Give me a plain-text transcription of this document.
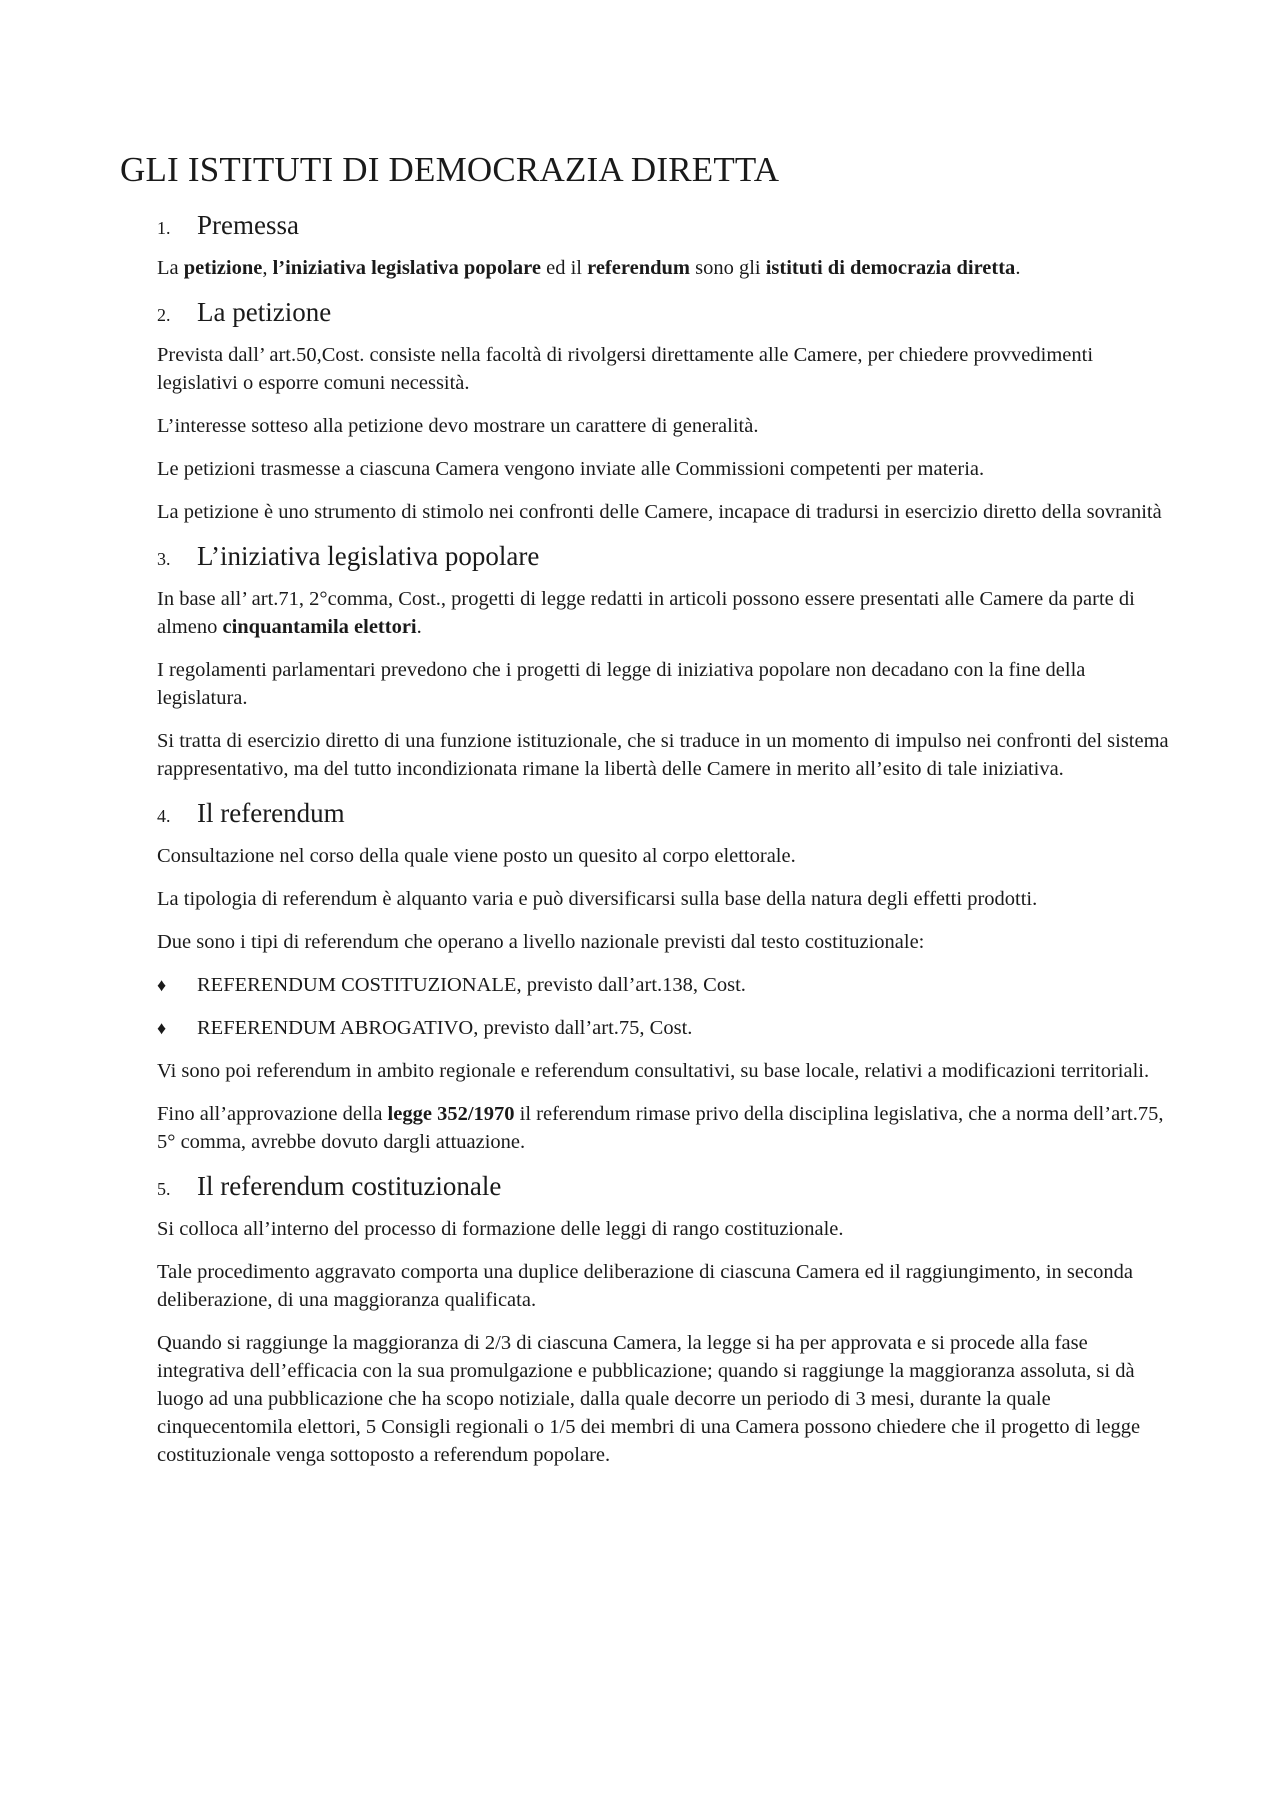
GLI ISTITUTI DI DEMOCRAZIA DIRETTA
1. Premessa

La petizione, l’iniziativa legislativa popolare ed il referendum sono gli istituti di democrazia diretta.

2. La petizione

Prevista dall’ art.50,Cost. consiste nella facoltà di rivolgersi direttamente alle Camere, per chiedere provvedimenti legislativi o esporre comuni necessità.

L’interesse sotteso alla petizione devo mostrare un carattere di generalità.

Le petizioni trasmesse a ciascuna Camera vengono inviate alle Commissioni competenti per materia.

La petizione è uno strumento di stimolo nei confronti delle Camere, incapace di tradursi in esercizio diretto della sovranità

3. L’iniziativa legislativa popolare

In base all’ art.71, 2°comma, Cost., progetti di legge redatti in articoli possono essere presentati alle Camere da parte di almeno cinquantamila elettori.

I regolamenti parlamentari prevedono che i progetti di legge di iniziativa popolare non decadano con la fine della legislatura.

Si tratta di esercizio diretto di una funzione istituzionale, che si traduce in un momento di impulso nei confronti del sistema rappresentativo, ma del tutto incondizionata rimane la libertà delle Camere in merito all’esito di tale iniziativa.

4. Il referendum

Consultazione nel corso della quale viene posto un quesito al corpo elettorale.

La tipologia di referendum è alquanto varia e può diversificarsi sulla base della natura degli effetti prodotti.

Due sono i tipi di referendum che operano a livello nazionale previsti dal testo costituzionale:

♦	REFERENDUM COSTITUZIONALE, previsto dall’art.138, Cost.
♦	REFERENDUM ABROGATIVO, previsto dall’art.75, Cost.

Vi sono poi referendum in ambito regionale e referendum consultativi, su base locale, relativi a modificazioni territoriali.

Fino all’approvazione della legge 352/1970 il referendum rimase privo della disciplina legislativa, che a norma dell’art.75, 5° comma, avrebbe dovuto dargli attuazione.

5. Il referendum costituzionale

Si colloca all’interno del processo di formazione delle leggi di rango costituzionale.

Tale procedimento aggravato comporta una duplice deliberazione di ciascuna Camera ed il raggiungimento, in seconda deliberazione, di una maggioranza qualificata.

Quando si raggiunge la maggioranza di 2/3 di ciascuna Camera, la legge si ha per approvata e si procede alla fase integrativa dell’efficacia con la sua promulgazione e pubblicazione; quando si raggiunge la maggioranza assoluta, si dà luogo ad una pubblicazione che ha scopo notiziale, dalla quale decorre un periodo di 3 mesi, durante la quale cinquecentomila elettori, 5 Consigli regionali o 1/5 dei membri di una Camera possono chiedere che il progetto di legge costituzionale venga sottoposto a referendum popolare.
